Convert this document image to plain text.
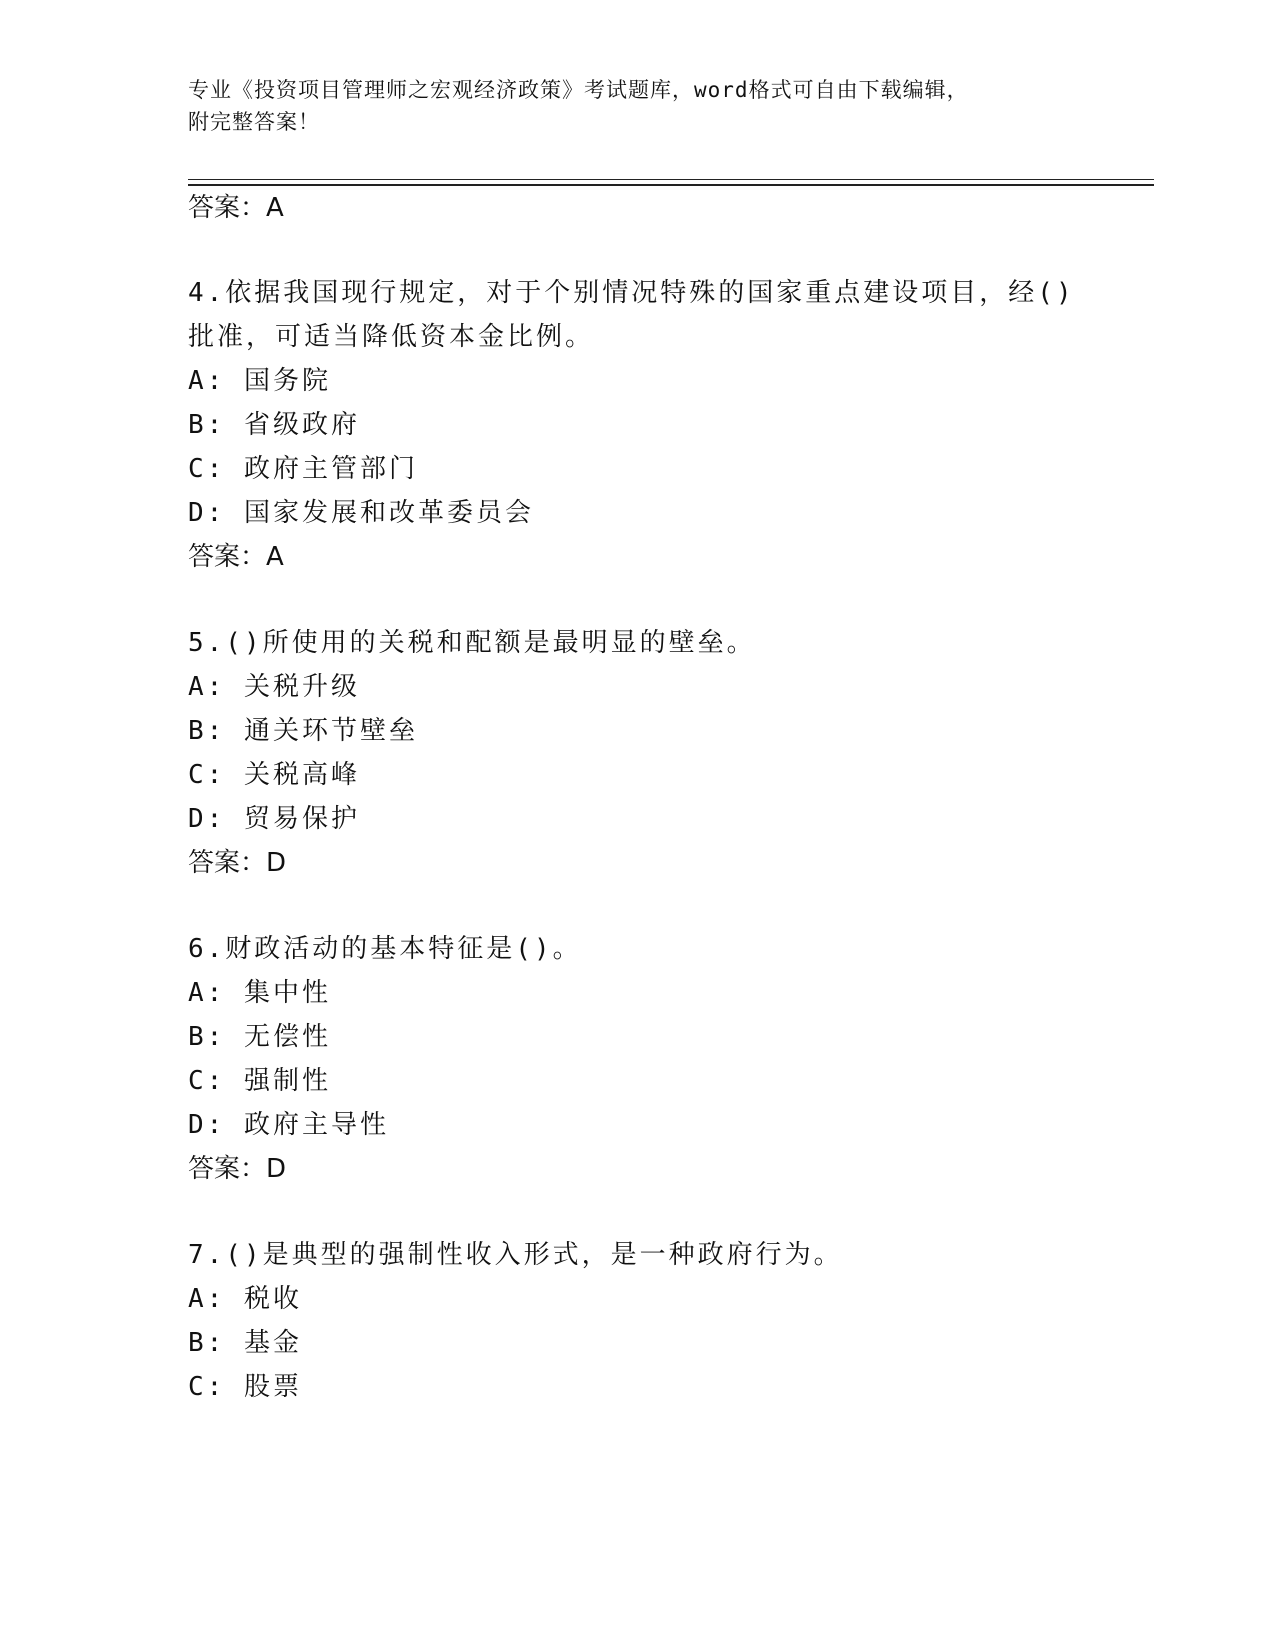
专业《投资项目管理师之宏观经济政策》考试题库，word格式可自由下载编辑，
附完整答案！
答案：A
4.依据我国现行规定，对于个别情况特殊的国家重点建设项目，经()
批准，可适当降低资本金比例。
A: 国务院
B: 省级政府
C: 政府主管部门
D: 国家发展和改革委员会
答案：A
5.()所使用的关税和配额是最明显的壁垒。
A: 关税升级
B: 通关环节壁垒
C: 关税高峰
D: 贸易保护
答案：D
6.财政活动的基本特征是()。
A: 集中性
B: 无偿性
C: 强制性
D: 政府主导性
答案：D
7.()是典型的强制性收入形式，是一种政府行为。
A: 税收
B: 基金
C: 股票
